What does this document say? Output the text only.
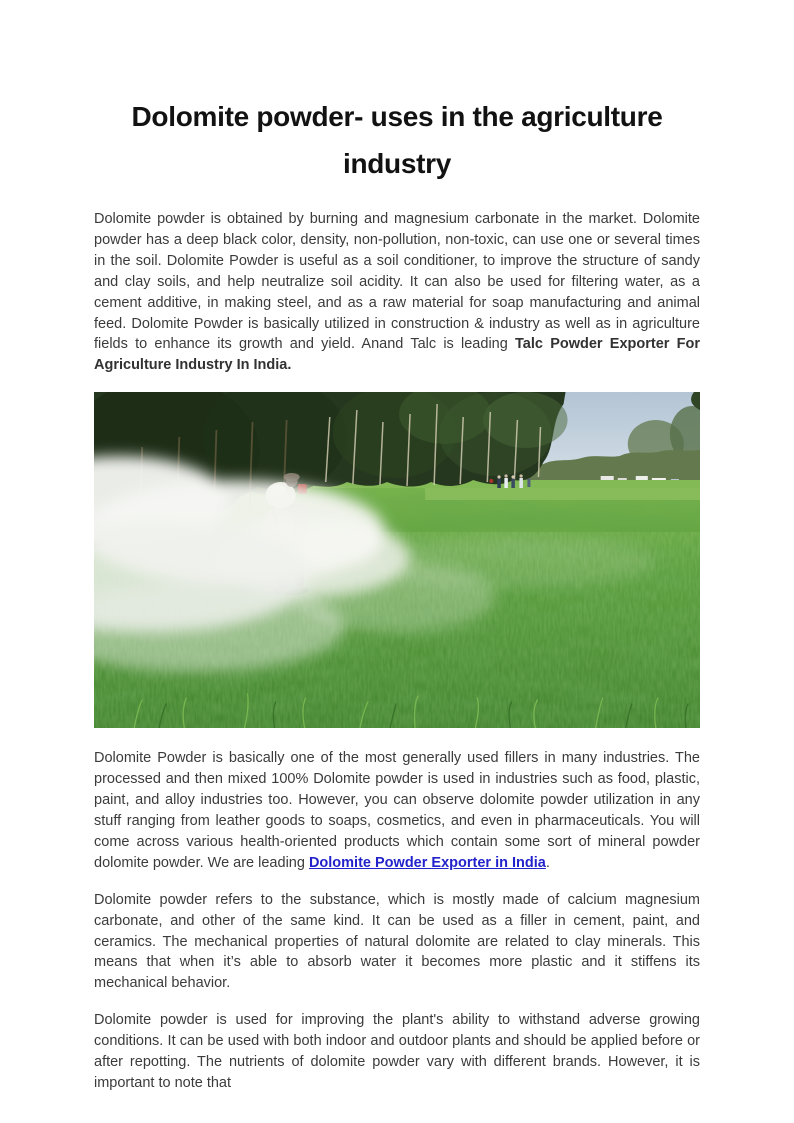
Dolomite powder- uses in the agriculture
industry

Dolomite powder is obtained by burning and magnesium carbonate in the market. Dolomite powder has a deep black color, density, non-pollution, non-toxic, can use one or several times in the soil. Dolomite Powder is useful as a soil conditioner, to improve the structure of sandy and clay soils, and help neutralize soil acidity. It can also be used for filtering water, as a cement additive, in making steel, and as a raw material for soap manufacturing and animal feed. Dolomite Powder is basically utilized in construction & industry as well as in agriculture fields to enhance its growth and yield. Anand Talc is leading Talc Powder Exporter For Agriculture Industry In India.

Dolomite Powder is basically one of the most generally used fillers in many industries. The processed and then mixed 100% Dolomite powder is used in industries such as food, plastic, paint, and alloy industries too. However, you can observe dolomite powder utilization in any stuff ranging from leather goods to soaps, cosmetics, and even in pharmaceuticals. You will come across various health-oriented products which contain some sort of mineral powder dolomite powder. We are leading Dolomite Powder Exporter in India.

Dolomite powder refers to the substance, which is mostly made of calcium magnesium carbonate, and other of the same kind. It can be used as a filler in cement, paint, and ceramics. The mechanical properties of natural dolomite are related to clay minerals. This means that when it’s able to absorb water it becomes more plastic and it stiffens its mechanical behavior.

Dolomite powder is used for improving the plant's ability to withstand adverse growing conditions. It can be used with both indoor and outdoor plants and should be applied before or after repotting. The nutrients of dolomite powder vary with different brands. However, it is important to note that
